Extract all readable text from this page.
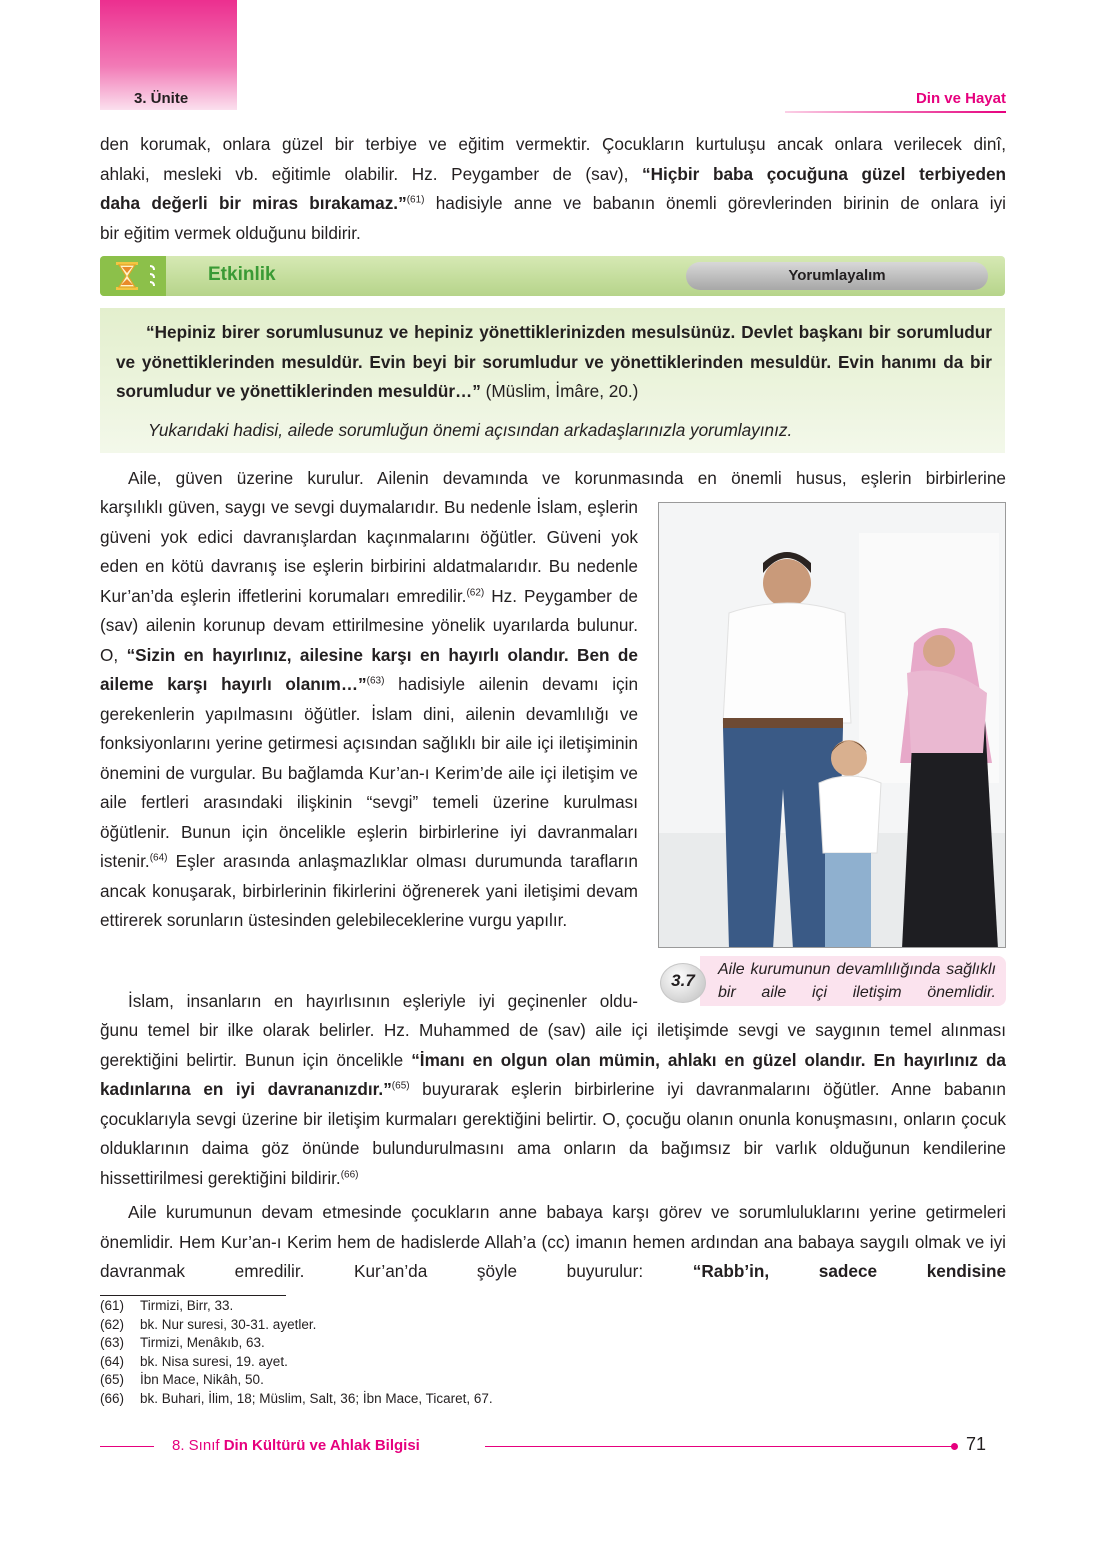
3. Ünite	Din ve Hayat
den korumak, onlara güzel bir terbiye ve eğitim vermektir. Çocukların kurtuluşu ancak onlara verilecek dinî,
ahlaki, mesleki vb. eğitimle olabilir. Hz. Peygamber de (sav), “Hiçbir baba çocuğuna güzel terbiyeden
daha değerli bir miras bırakamaz.”$^{(61)}$ hadisiyle anne ve babanın önemli görevlerinden birinin de onlara iyi
bir eğitim vermek olduğunu bildirir.
Etkinlik	Yorumlayalım

“Hepiniz birer sorumlusunuz ve hepiniz yönettiklerinizden mesulsünüz. Devlet başkanı bir sorumludur ve yönettiklerinden mesuldür. Evin beyi bir sorumludur ve yönettiklerinden mesuldür. Evin hanımı da bir sorumludur ve yönettiklerinden mesuldür…” (Müslim, İmâre, 20.)

Yukarıdaki hadisi, ailede sorumluğun önemi açısından arkadaşlarınızla yorumlayınız.
Aile, güven üzerine kurulur. Ailenin devamında ve korunmasında en önemli husus, eşlerin birbirlerine

karşılıklı güven, saygı ve sevgi duymalarıdır. Bu nedenle İslam, eşlerin güveni yok edici davranışlardan kaçınmalarını öğütler. Güveni yok eden en kötü davranış ise eşlerin birbirini aldatmalarıdır. Bu nedenle Kur’an’da eşlerin iffetlerini korumaları emredilir.$^{(62)}$ Hz. Peygamber de (sav) ailenin korunup devam ettirilmesine yönelik uyarılarda bulunur. O, “Sizin en hayırlınız, ailesine karşı en hayırlı olandır. Ben de aileme karşı hayırlı olanım…”$^{(63)}$ hadisiyle ailenin devamı için gerekenlerin yapılmasını öğütler. İslam dini, ailenin devamlılığı ve fonksiyonlarını yerine getirmesi açısından sağlıklı bir aile içi iletişiminin önemini de vurgular. Bu bağlamda Kur’an-ı Kerim’de aile içi iletişim ve aile fertleri arasındaki ilişkinin “sevgi” temeli üzerine kurulması öğütlenir. Bunun için öncelikle eşlerin birbirlerine iyi davranmaları istenir.$^{(64)}$ Eşler arasında anlaşmazlıklar olması durumunda tarafların ancak konuşarak, birbirlerinin fikirlerini öğrenerek yani iletişimi devam ettirerek sorunların üstesinden gelebileceklerine vurgu yapılır.

3.7
Aile kurumunun devamlılığında sağlıklı bir aile içi iletişim önemlidir.
İslam, insanların en hayırlısının eşleriyle iyi geçinenler oldu-

ğunu temel bir ilke olarak belirler. Hz. Muhammed de (sav) aile içi iletişimde sevgi ve saygının temel alınması gerektiğini belirtir. Bunun için öncelikle “İmanı en olgun olan mümin, ahlakı en güzel olandır. En hayırlınız da kadınlarına en iyi davrananızdır.”$^{(65)}$ buyurarak eşlerin birbirlerine iyi davranmalarını öğütler. Anne babanın çocuklarıyla sevgi üzerine bir iletişim kurmaları gerektiğini belirtir. O, çocuğu olanın onunla konuşmasını, onların çocuk olduklarının daima göz önünde bulundurulmasını ama onların da bağımsız bir varlık olduğunun kendilerine hissettirilmesi gerektiğini bildirir.$^{(66)}$

Aile kurumunun devam etmesinde çocukların anne babaya karşı görev ve sorumluluklarını yerine getirmeleri önemlidir. Hem Kur’an-ı Kerim hem de hadislerde Allah’a (cc) imanın hemen ardından ana babaya saygılı olmak ve iyi davranmak emredilir. Kur’an’da şöyle buyurulur: “Rabb’in, sadece kendisine

(61) Tirmizi, Birr, 33.
(62) bk. Nur suresi, 30-31. ayetler.
(63) Tirmizi, Menâkıb, 63.
(64) bk. Nisa suresi, 19. ayet.
(65) İbn Mace, Nikâh, 50.
(66) bk. Buhari, İlim, 18; Müslim, Salt, 36; İbn Mace, Ticaret, 67.
8. Sınıf Din Kültürü ve Ahlak Bilgisi	71
